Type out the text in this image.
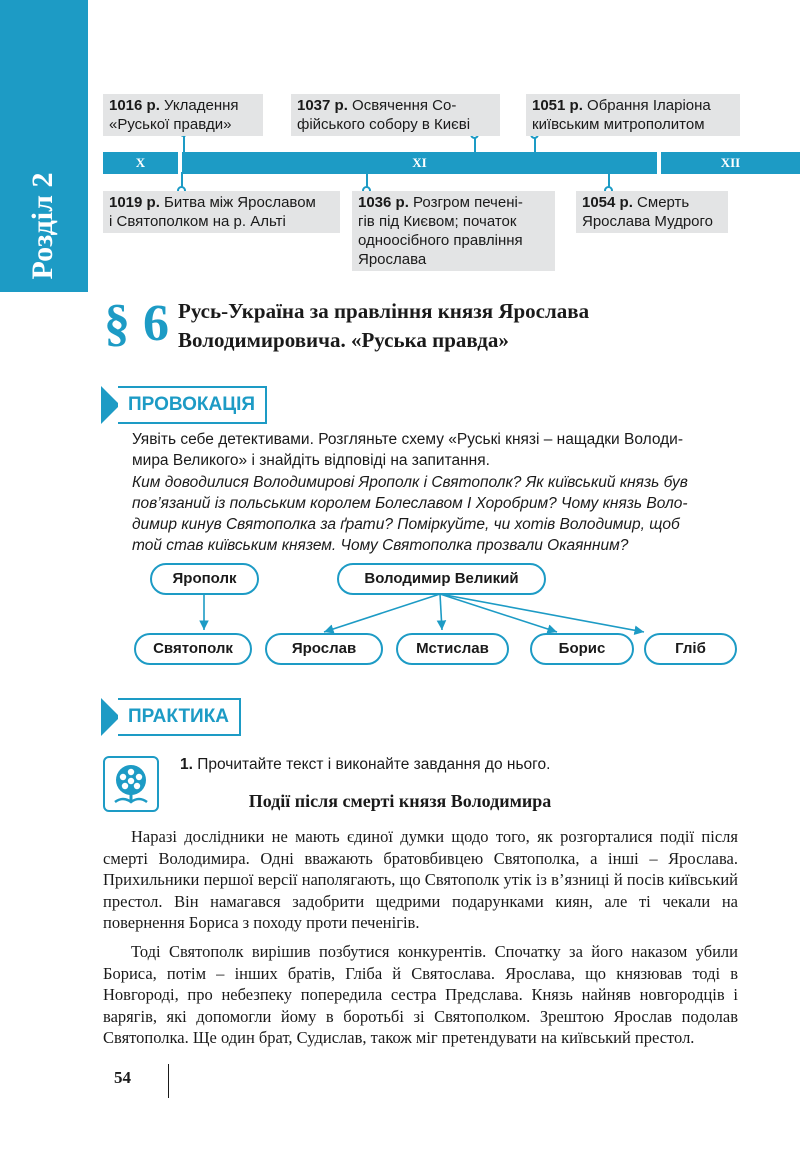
Розділ 2
X	XI	XII
1016 р. Укладення
«Руської правди»
1037 р. Освячення Со-
фійського собору в Києві
1051 р. Обрання Іларіона
київським митрополитом
1019 р. Битва між Ярославом
і Святополком на р. Альті
1036 р. Розгром печені-
гів під Києвом; початок
одноосібного правління
Ярослава
1054 р. Смерть
Ярослава Мудрого
§ 6 Русь-Україна за правління князя Ярослава
Володимировича. «Руська правда»
ПРОВОКАЦІЯ
Уявіть себе детективами. Розгляньте схему «Руські князі – нащадки Володи-
мира Великого» і знайдіть відповіді на запитання.
Ким доводилися Володимирові Ярополк і Святополк? Як київський князь був
пов’язаний із польським королем Болеславом І Хоробрим? Чому князь Воло-
димир кинув Святополка за ґрати? Поміркуйте, чи хотів Володимир, щоб
той став київським князем. Чому Святополка прозвали Окаянним?
Ярополк	Володимир Великий
Святополк	Ярослав	Мстислав	Борис	Гліб
ПРАКТИКА
1. Прочитайте текст і виконайте завдання до нього.
Події після смерті князя Володимира
Наразі дослідники не мають єдиної думки щодо того, як розгорталися події після смерті Володимира. Одні вважають братовбивцею Святополка, а інші – Ярослава. Прихильники першої версії наполягають, що Святополк утік із в’язниці й посів київський престол. Він намагався задобрити щедрими подарунками киян, але ті чекали на повернення Бориса з походу проти печенігів.
Тоді Святополк вирішив позбутися конкурентів. Спочатку за його наказом убили Бориса, потім – інших братів, Гліба й Святослава. Ярослава, що князював тоді в Новгороді, про небезпеку попередила сестра Предслава. Князь найняв новгородців і варягів, які допомогли йому в боротьбі зі Святополком. Зрештою Ярослав подолав Святополка. Ще один брат, Судислав, також міг претендувати на київський престол.
54
